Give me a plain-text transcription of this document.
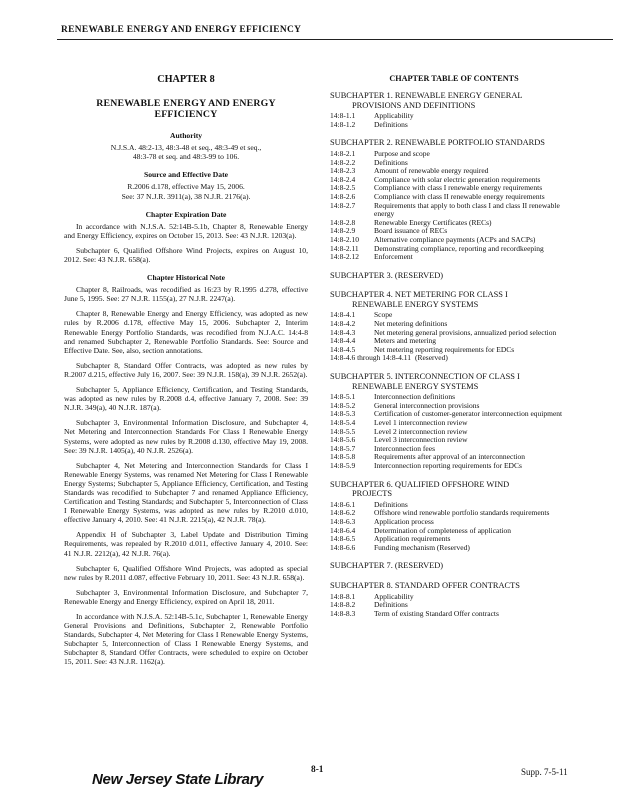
RENEWABLE ENERGY AND ENERGY EFFICIENCY
CHAPTER 8
RENEWABLE ENERGY AND ENERGY EFFICIENCY
Authority
N.J.S.A. 48:2-13, 48:3-48 et seq., 48:3-49 et seq.,
48:3-78 et seq. and 48:3-99 to 106.
Source and Effective Date
R.2006 d.178, effective May 15, 2006.
See: 37 N.J.R. 3911(a), 38 N.J.R. 2176(a).
Chapter Expiration Date

In accordance with N.J.S.A. 52:14B-5.1b, Chapter 8, Renewable Energy and Energy Efficiency, expires on October 15, 2013. See: 43 N.J.R. 1203(a).

Subchapter 6, Qualified Offshore Wind Projects, expires on August 10, 2012. See: 43 N.J.R. 658(a).

Chapter Historical Note

Chapter 8, Railroads, was recodified as 16:23 by R.1995 d.278, effective June 5, 1995. See: 27 N.J.R. 1155(a), 27 N.J.R. 2247(a).

Chapter 8, Renewable Energy and Energy Efficiency, was adopted as new rules by R.2006 d.178, effective May 15, 2006. Subchapter 2, Interim Renewable Energy Portfolio Standards, was recodified from N.J.A.C. 14:4-8 and renamed Subchapter 2, Renewable Portfolio Standards. See: Source and Effective Date. See, also, section annotations.

Subchapter 8, Standard Offer Contracts, was adopted as new rules by R.2007 d.215, effective July 16, 2007. See: 39 N.J.R. 158(a), 39 N.J.R. 2652(a).

Subchapter 5, Appliance Efficiency, Certification, and Testing Standards, was adopted as new rules by R.2008 d.4, effective January 7, 2008. See: 39 N.J.R. 349(a), 40 N.J.R. 187(a).

Subchapter 3, Environmental Information Disclosure, and Subchapter 4, Net Metering and Interconnection Standards For Class I Renewable Energy Systems, were adopted as new rules by R.2008 d.130, effective May 19, 2008. See: 39 N.J.R. 1405(a), 40 N.J.R. 2526(a).

Subchapter 4, Net Metering and Interconnection Standards for Class I Renewable Energy Systems, was renamed Net Metering for Class I Renewable Energy Systems; Subchapter 5, Appliance Efficiency, Certification, and Testing Standards was recodified to Subchapter 7 and renamed Appliance Efficiency, Certification and Testing Standards; and Subchapter 5, Interconnection of Class I Renewable Energy Systems, was adopted as new rules by R.2010 d.010, effective January 4, 2010. See: 41 N.J.R. 2215(a), 42 N.J.R. 78(a).

Appendix H of Subchapter 3, Label Update and Distribution Timing Requirements, was repealed by R.2010 d.011, effective January 4, 2010. See: 41 N.J.R. 2212(a), 42 N.J.R. 76(a).

Subchapter 6, Qualified Offshore Wind Projects, was adopted as special new rules by R.2011 d.087, effective February 10, 2011. See: 43 N.J.R. 658(a).

Subchapter 3, Environmental Information Disclosure, and Subchapter 7, Renewable Energy and Energy Efficiency, expired on April 18, 2011.

In accordance with N.J.S.A. 52:14B-5.1c, Subchapter 1, Renewable Energy General Provisions and Definitions, Subchapter 2, Renewable Portfolio Standards, Subchapter 4, Net Metering for Class I Renewable Energy Systems, Subchapter 5, Interconnection of Class I Renewable Energy Systems, and Subchapter 8, Standard Offer Contracts, were scheduled to expire on October 15, 2011. See: 43 N.J.R. 1162(a).

CHAPTER TABLE OF CONTENTS
SUBCHAPTER 1. RENEWABLE ENERGY GENERAL
PROVISIONS AND DEFINITIONS
14:8-1.1	Applicability
14:8-1.2	Definitions
SUBCHAPTER 2. RENEWABLE PORTFOLIO STANDARDS
14:8-2.1	Purpose and scope
14:8-2.2	Definitions
14:8-2.3	Amount of renewable energy required
14:8-2.4	Compliance with solar electric generation requirements
14:8-2.5	Compliance with class I renewable energy requirements
14:8-2.6	Compliance with class II renewable energy requirements
14:8-2.7	Requirements that apply to both class I and class II renewable energy
14:8-2.8	Renewable Energy Certificates (RECs)
14:8-2.9	Board issuance of RECs
14:8-2.10	Alternative compliance payments (ACPs and SACPs)
14:8-2.11	Demonstrating compliance, reporting and recordkeeping
14:8-2.12	Enforcement
SUBCHAPTER 3. (RESERVED)
SUBCHAPTER 4. NET METERING FOR CLASS I
RENEWABLE ENERGY SYSTEMS
14:8-4.1	Scope
14:8-4.2	Net metering definitions
14:8-4.3	Net metering general provisions, annualized period selection
14:8-4.4	Meters and metering
14:8-4.5	Net metering reporting requirements for EDCs
14:8-4.6 through 14:8-4.11 (Reserved)
SUBCHAPTER 5. INTERCONNECTION OF CLASS I
RENEWABLE ENERGY SYSTEMS
14:8-5.1	Interconnection definitions
14:8-5.2	General interconnection provisions
14:8-5.3	Certification of customer-generator interconnection equipment
14:8-5.4	Level 1 interconnection review
14:8-5.5	Level 2 interconnection review
14:8-5.6	Level 3 interconnection review
14:8-5.7	Interconnection fees
14:8-5.8	Requirements after approval of an interconnection
14:8-5.9	Interconnection reporting requirements for EDCs
SUBCHAPTER 6. QUALIFIED OFFSHORE WIND
PROJECTS
14:8-6.1	Definitions
14:8-6.2	Offshore wind renewable portfolio standards requirements
14:8-6.3	Application process
14:8-6.4	Determination of completeness of application
14:8-6.5	Application requirements
14:8-6.6	Funding mechanism (Reserved)
SUBCHAPTER 7. (RESERVED)
SUBCHAPTER 8. STANDARD OFFER CONTRACTS
14:8-8.1	Applicability
14:8-8.2	Definitions
14:8-8.3	Term of existing Standard Offer contracts
New Jersey State Library
8-1	Supp. 7-5-11
